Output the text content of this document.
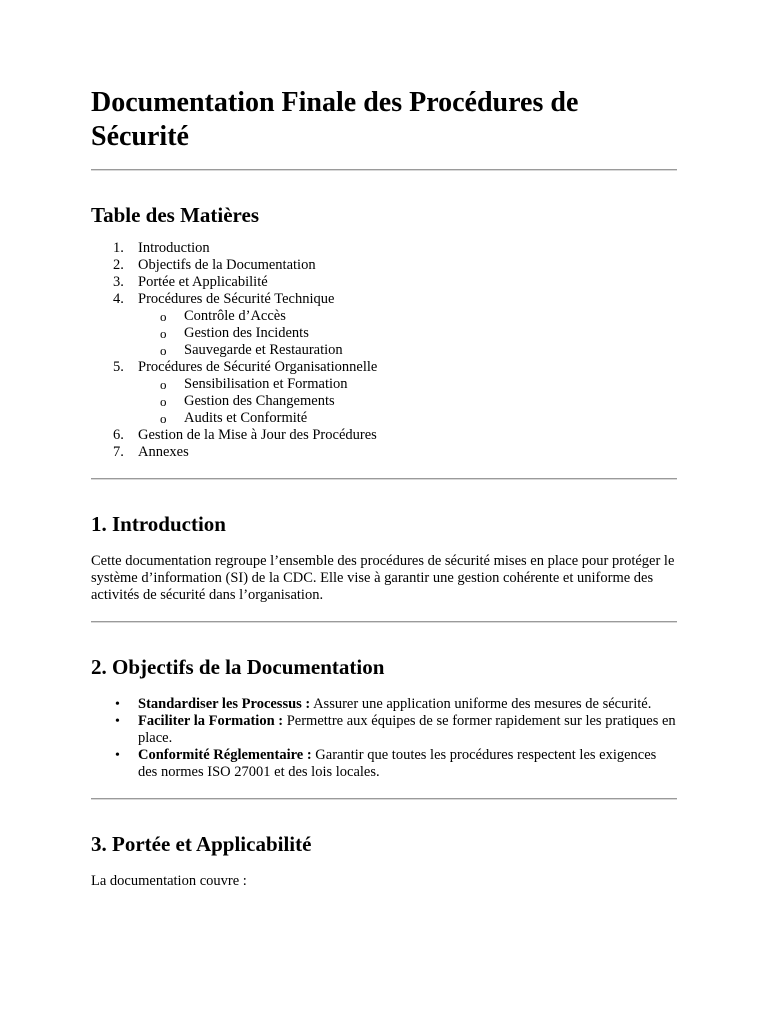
Documentation Finale des Procédures de Sécurité
Table des Matières
1. Introduction
2. Objectifs de la Documentation
3. Portée et Applicabilité
4. Procédures de Sécurité Technique
o Contrôle d’Accès
o Gestion des Incidents
o Sauvegarde et Restauration
5. Procédures de Sécurité Organisationnelle
o Sensibilisation et Formation
o Gestion des Changements
o Audits et Conformité
6. Gestion de la Mise à Jour des Procédures
7. Annexes
1. Introduction

Cette documentation regroupe l’ensemble des procédures de sécurité mises en place pour protéger le système d’information (SI) de la CDC. Elle vise à garantir une gestion cohérente et uniforme des activités de sécurité dans l’organisation.

2. Objectifs de la Documentation
• Standardiser les Processus : Assurer une application uniforme des mesures de sécurité.
• Faciliter la Formation : Permettre aux équipes de se former rapidement sur les pratiques en place.
• Conformité Réglementaire : Garantir que toutes les procédures respectent les exigences des normes ISO 27001 et des lois locales.
3. Portée et Applicabilité

La documentation couvre :
